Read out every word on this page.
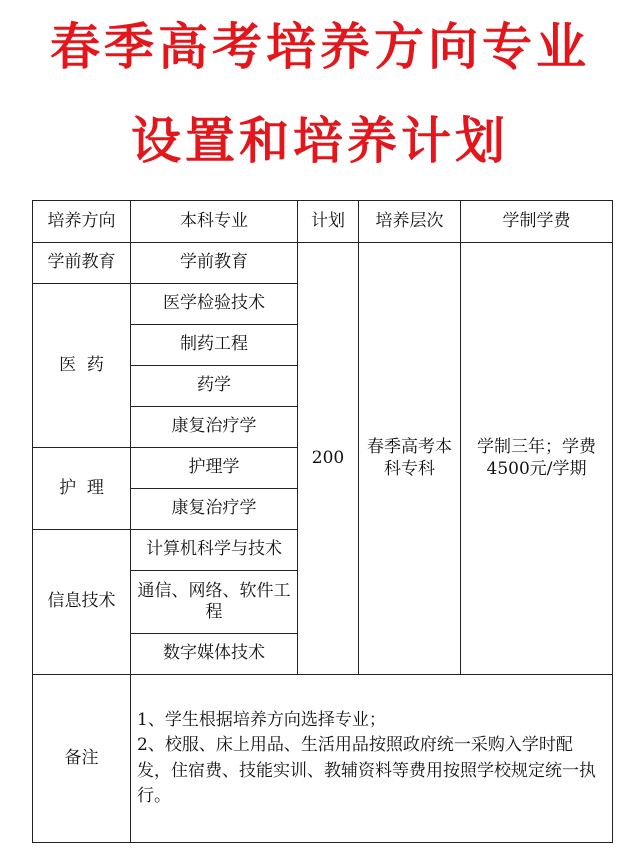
春季高考培养方向专业
设置和培养计划
培养方向	本科专业	计划	培养层次	学制学费
学前教育	学前教育	200	春季高考本科专科	学制三年；学费4500元/学期
医  药	医学检验技术			
	制药工程			
	药学			
	康复治疗学			
护  理	护理学			
	康复治疗学			
信息技术	计算机科学与技术			
	通信、网络、软件工程			
	数字媒体技术			
备注	1、学生根据培养方向选择专业；
2、校服、床上用品、生活用品按照政府统一采购入学时配发，住宿费、技能实训、教辅资料等费用按照学校规定统一执行。			
